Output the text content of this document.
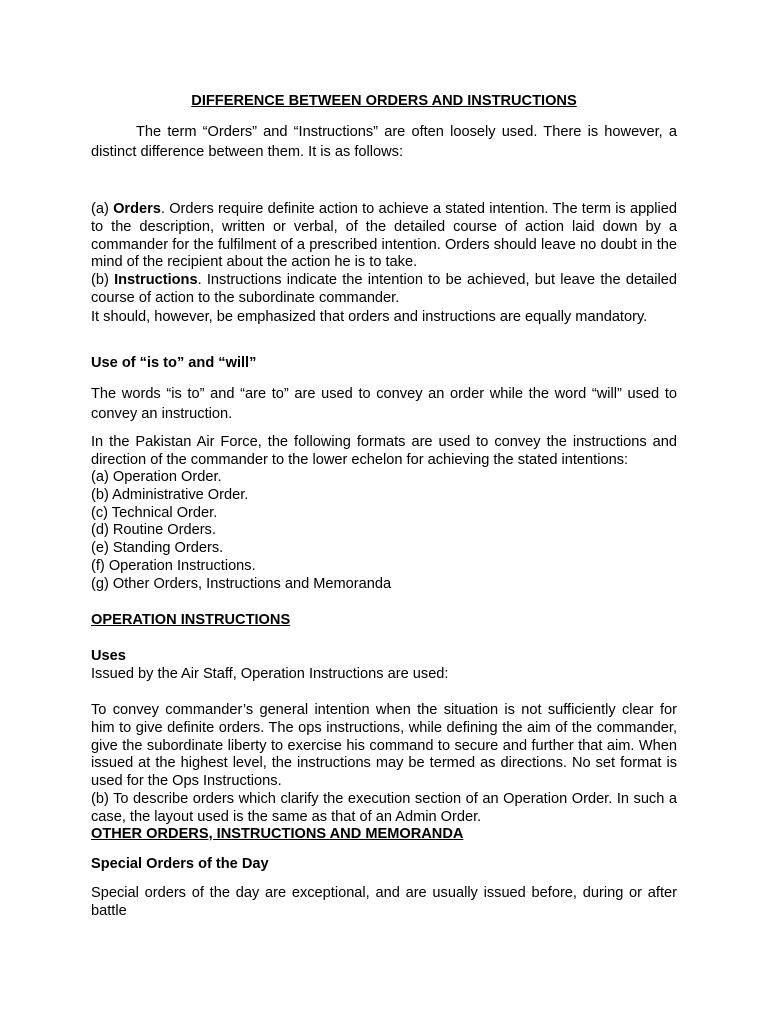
DIFFERENCE BETWEEN ORDERS AND INSTRUCTIONS
The term “Orders” and “Instructions” are often loosely used. There is however, a distinct difference between them. It is as follows:
(a) Orders. Orders require definite action to achieve a stated intention. The term is applied to the description, written or verbal, of the detailed course of action laid down by a commander for the fulfilment of a prescribed intention. Orders should leave no doubt in the mind of the recipient about the action he is to take.
(b) Instructions. Instructions indicate the intention to be achieved, but leave the detailed course of action to the subordinate commander.
It should, however, be emphasized that orders and instructions are equally mandatory.
Use of “is to” and “will”
The words “is to” and “are to” are used to convey an order while the word “will” used to convey an instruction.
In the Pakistan Air Force, the following formats are used to convey the instructions and direction of the commander to the lower echelon for achieving the stated intentions:
(a) Operation Order.
(b) Administrative Order.
(c) Technical Order.
(d) Routine Orders.
(e) Standing Orders.
(f) Operation Instructions.
(g) Other Orders, Instructions and Memoranda
OPERATION INSTRUCTIONS
Uses
Issued by the Air Staff, Operation Instructions are used:
To convey commander’s general intention when the situation is not sufficiently clear for him to give definite orders. The ops instructions, while defining the aim of the commander, give the subordinate liberty to exercise his command to secure and further that aim. When issued at the highest level, the instructions may be termed as directions. No set format is used for the Ops Instructions.
(b) To describe orders which clarify the execution section of an Operation Order. In such a case, the layout used is the same as that of an Admin Order.
OTHER ORDERS, INSTRUCTIONS AND MEMORANDA
Special Orders of the Day
Special orders of the day are exceptional, and are usually issued before, during or after battle
